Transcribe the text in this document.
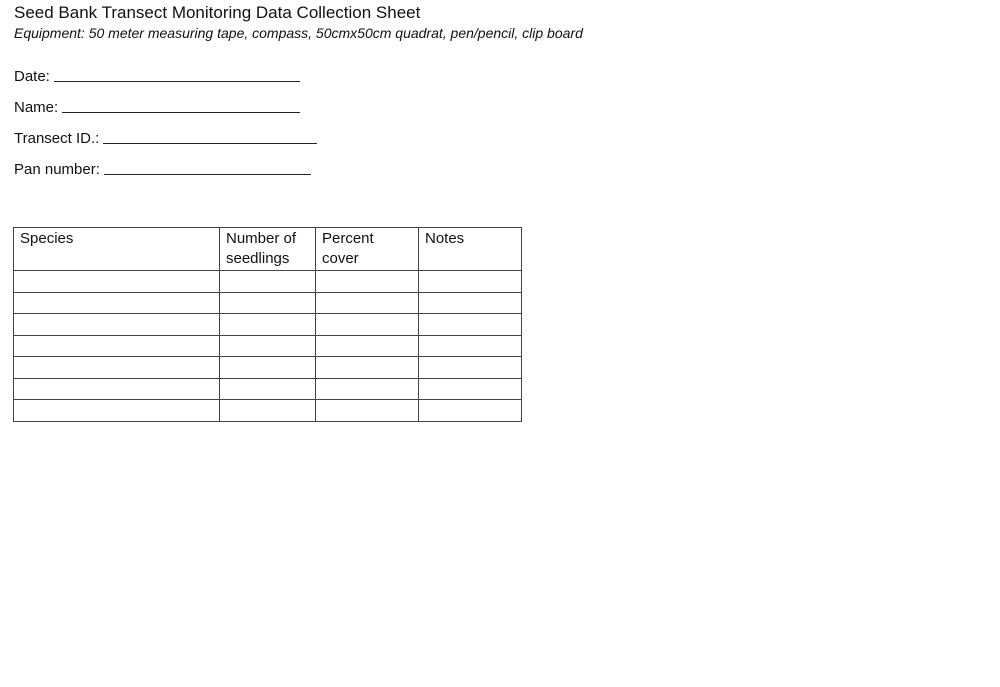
Seed Bank Transect Monitoring Data Collection Sheet
Equipment: 50 meter measuring tape, compass, 50cmx50cm quadrat, pen/pencil, clip board
Date:
Name:
Transect ID.:
Pan number:
Species	Number of seedlings	Percent cover	Notes
